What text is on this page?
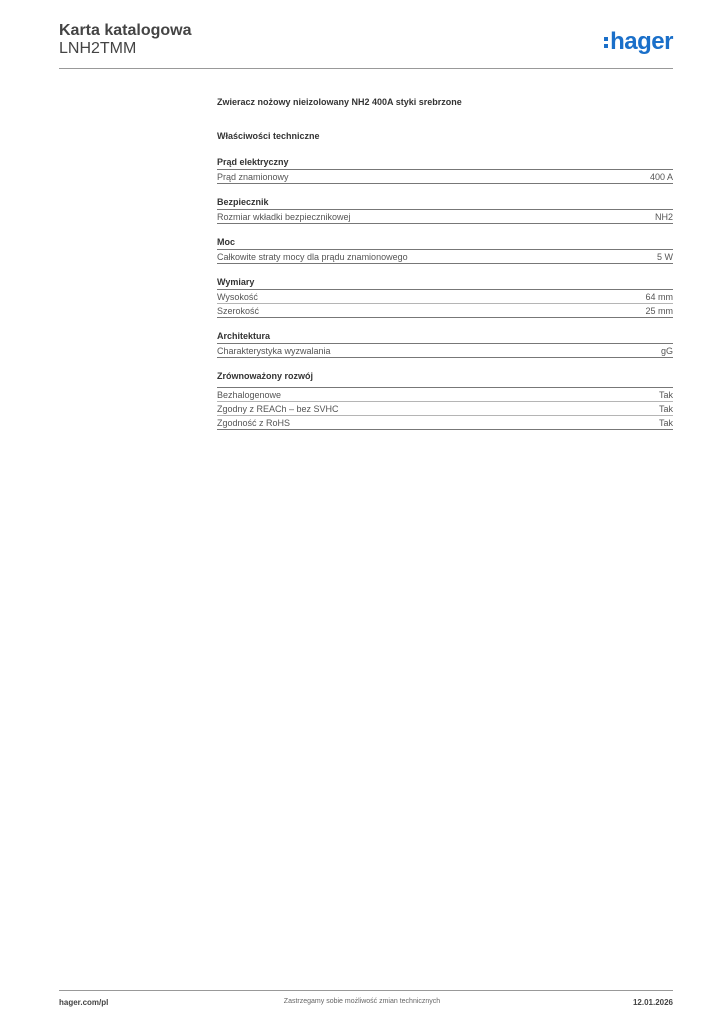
Karta katalogowa
LNH2TMM	hager
Zwieracz nożowy nieizolowany NH2 400A styki srebrzone
Właściwości techniczne
Prąd elektryczny
Prąd znamionowy	400 A
Bezpiecznik
Rozmiar wkładki bezpiecznikowej	NH2
Moc
Całkowite straty mocy dla prądu znamionowego	5 W
Wymiary
Wysokość	64 mm
Szerokość	25 mm
Architektura
Charakterystyka wyzwalania	gG
Zrównoważony rozwój
Bezhalogenowe	Tak
Zgodny z REACh – bez SVHC	Tak
Zgodność z RoHS	Tak
hager.com/pl	Zastrzegamy sobie możliwość zmian technicznych	12.01.2026
